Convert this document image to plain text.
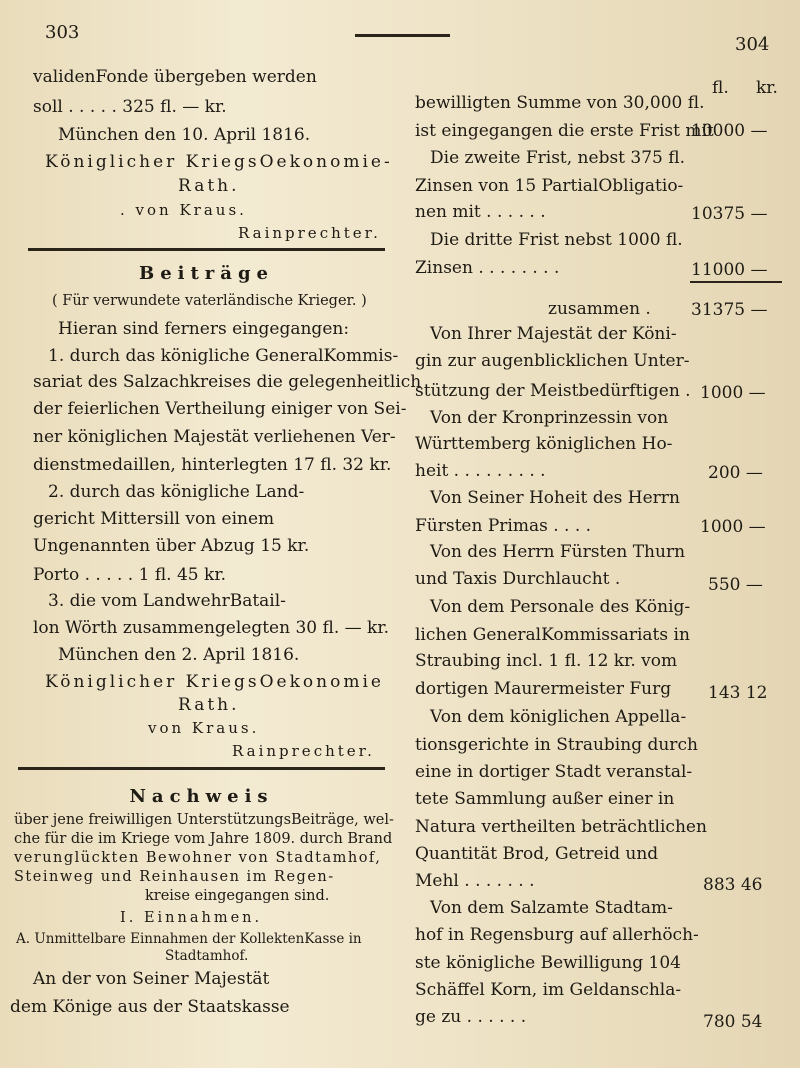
303
304
validenFonde übergeben werden
soll . . . . . 325 fl. — kr.
München den 10. April 1816.
Königlicher KriegsOekonomie-
Rath.
. von Kraus.
Rainprechter.
Beiträge
( Für verwundete vaterländische Krieger. )
Hieran sind ferners eingegangen:
1. durch das königliche GeneralKommis-
sariat des Salzachkreises die gelegenheitlich
der feierlichen Vertheilung einiger von Sei-
ner königlichen Majestät verliehenen Ver-
dienstmedaillen, hinterlegten 17 fl. 32 kr.
2. durch das königliche Land-
gericht Mittersill von einem
Ungenannten über Abzug 15 kr.
Porto . . . . . 1 fl. 45 kr.
3. die vom LandwehrBatail-
lon Wörth zusammengelegten 30 fl. — kr.
München den 2. April 1816.
Königlicher KriegsOekonomie
Rath.
von Kraus.
Rainprechter.
Nachweis
über jene freiwilligen UnterstützungsBeiträge, wel-
che für die im Kriege vom Jahre 1809. durch Brand
verunglückten Bewohner von Stadtamhof,
Steinweg und Reinhausen im Regen-
kreise eingegangen sind.
I. Einnahmen.
A. Unmittelbare Einnahmen der KollektenKasse in
Stadtamhof.
An der von Seiner Majestät
dem Könige aus der Staatskasse
fl. kr.
bewilligten Summe von 30,000 fl.
ist eingegangen die erste Frist mit
Die zweite Frist, nebst 375 fl.
Zinsen von 15 PartialObligatio-
nen mit . . . . . .
Die dritte Frist nebst 1000 fl.
Zinsen . . . . . . . .
zusammen .
Von Ihrer Majestät der Köni-
gin zur augenblicklichen Unter-
stützung der Meistbedürftigen .
Von der Kronprinzessin von
Württemberg königlichen Ho-
heit . . . . . . . . .
Von Seiner Hoheit des Herrn
Fürsten Primas . . . .
Von des Herrn Fürsten Thurn
und Taxis Durchlaucht .
Von dem Personale des König-
lichen GeneralKommissariats in
Straubing incl. 1 fl. 12 kr. vom
dortigen Maurermeister Furg
Von dem königlichen Appella-
tionsgerichte in Straubing durch
eine in dortiger Stadt veranstal-
tete Sammlung außer einer in
Natura vertheilten beträchtlichen
Quantität Brod, Getreid und
Mehl . . . . . . .
Von dem Salzamte Stadtam-
hof in Regensburg auf allerhöch-
ste königliche Bewilligung 104
Schäffel Korn, im Geldanschla-
ge zu . . . . . .
10000 —
10375 —
11000 —
31375 —
1000 —
200 —
1000 —
550 —
143 12
883 46
780 54
